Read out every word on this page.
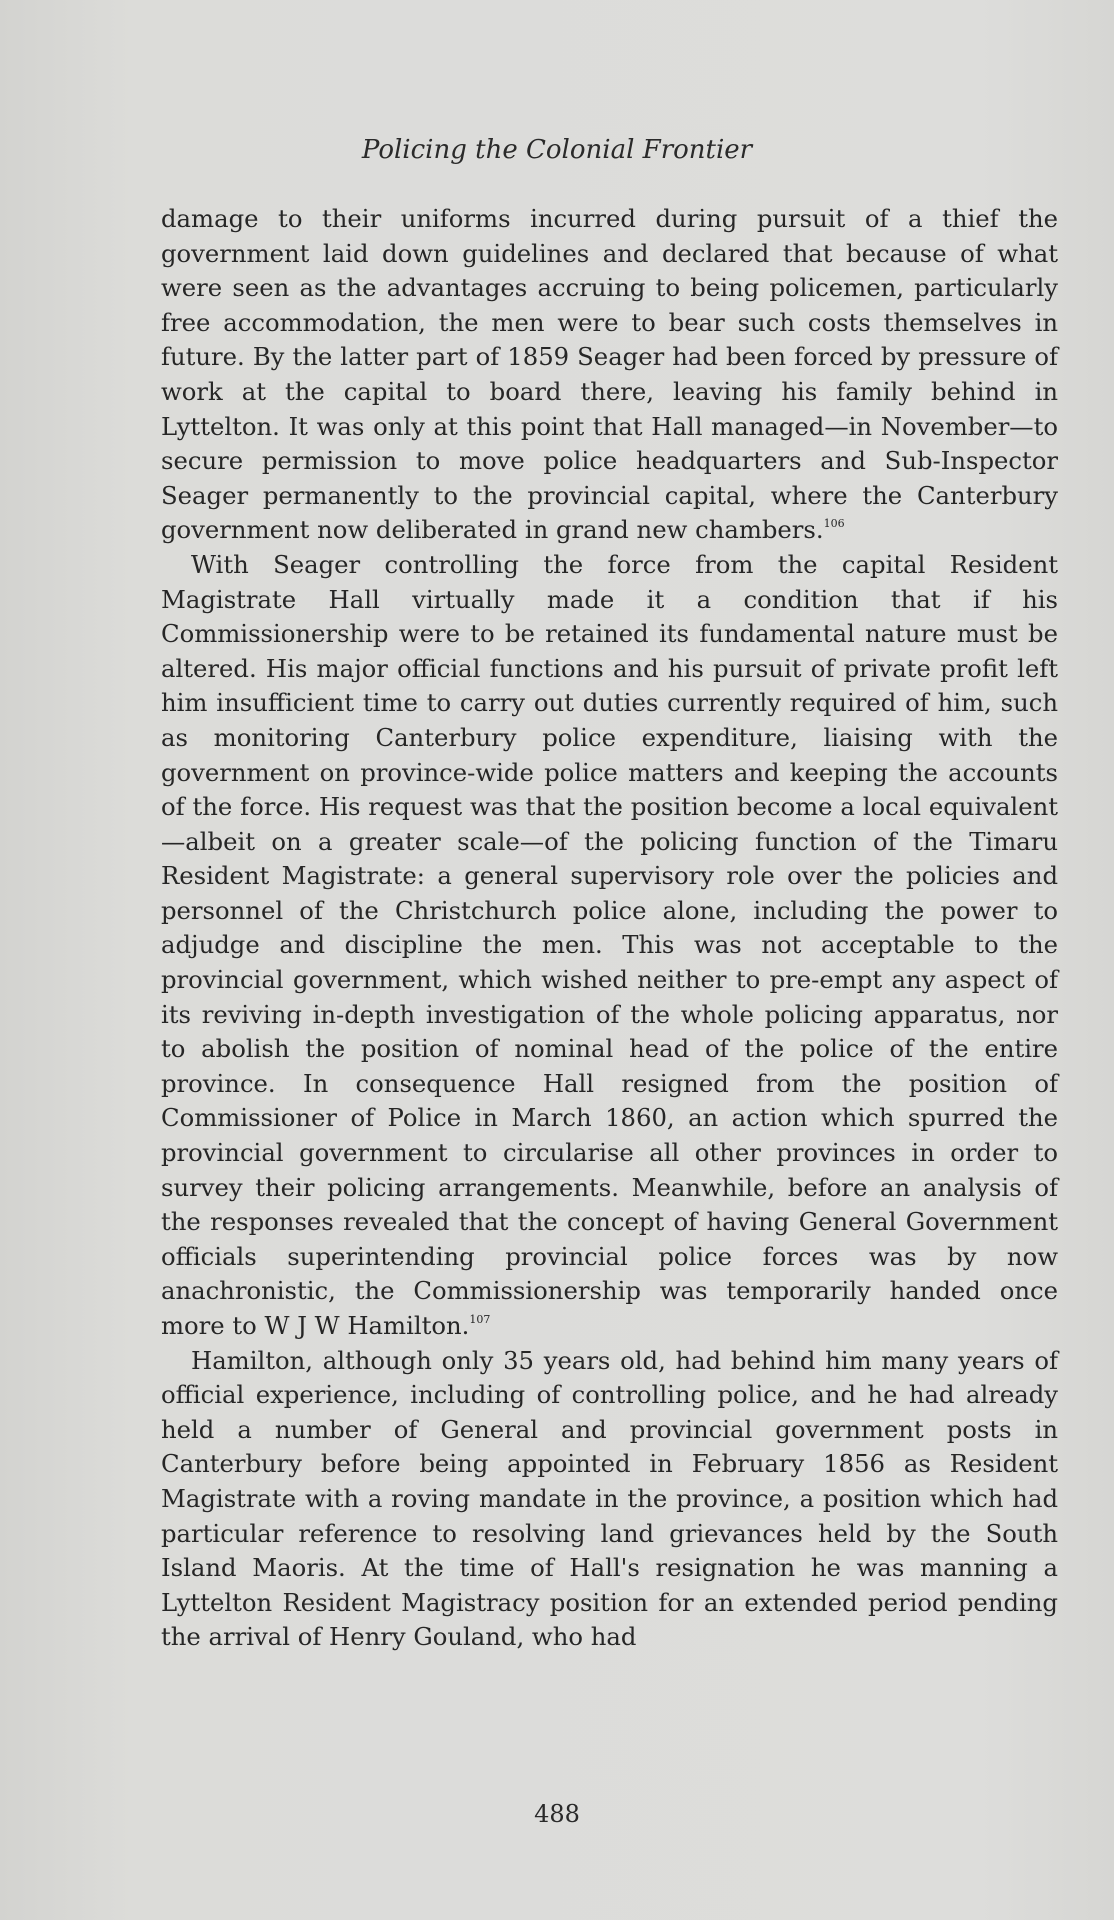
Policing the Colonial Frontier

damage to their uniforms incurred during pursuit of a thief the government laid down guidelines and declared that because of what were seen as the advantages accruing to being policemen, particularly free accommodation, the men were to bear such costs themselves in future. By the latter part of 1859 Seager had been forced by pressure of work at the capital to board there, leaving his family behind in Lyttelton. It was only at this point that Hall managed—in November—to secure permission to move police headquarters and Sub-Inspector Seager permanently to the provincial capital, where the Canterbury government now deliberated in grand new chambers.$^{106}$

With Seager controlling the force from the capital Resident Magistrate Hall virtually made it a condition that if his Commissionership were to be retained its fundamental nature must be altered. His major official functions and his pursuit of private profit left him insufficient time to carry out duties currently required of him, such as monitoring Canterbury police expenditure, liaising with the government on province-wide police matters and keeping the accounts of the force. His request was that the position become a local equivalent—albeit on a greater scale—of the policing function of the Timaru Resident Magistrate: a general supervisory role over the policies and personnel of the Christchurch police alone, including the power to adjudge and discipline the men. This was not acceptable to the provincial government, which wished neither to pre-empt any aspect of its reviving in-depth investigation of the whole policing apparatus, nor to abolish the position of nominal head of the police of the entire province. In consequence Hall resigned from the position of Commissioner of Police in March 1860, an action which spurred the provincial government to circularise all other provinces in order to survey their policing arrangements. Meanwhile, before an analysis of the responses revealed that the concept of having General Government officials superintending provincial police forces was by now anachronistic, the Commissionership was temporarily handed once more to W J W Hamilton.$^{107}$

Hamilton, although only 35 years old, had behind him many years of official experience, including of controlling police, and he had already held a number of General and provincial government posts in Canterbury before being appointed in February 1856 as Resident Magistrate with a roving mandate in the province, a position which had particular reference to resolving land grievances held by the South Island Maoris. At the time of Hall's resignation he was manning a Lyttelton Resident Magistracy position for an extended period pending the arrival of Henry Gouland, who had

488
